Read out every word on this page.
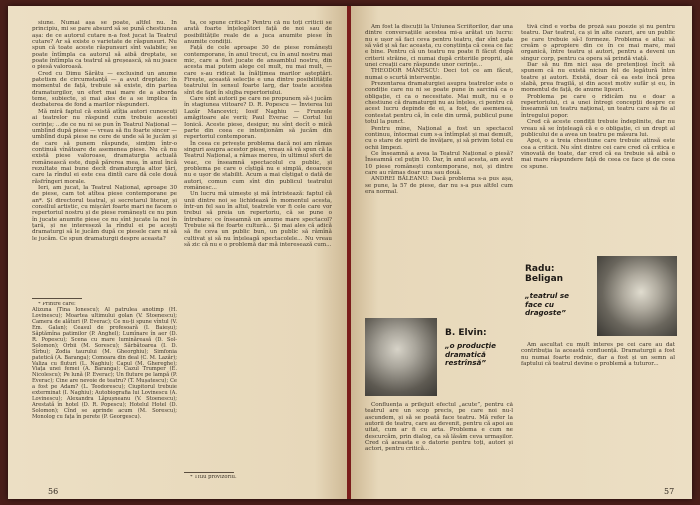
siune. Numai așa se poate, altfel nu. În principiu, mi se pare absurd să se pună chestiunea așa: de ce autorul cutare n-a fost jucat la Teatrul cutare? Ar să existe o varietate de răspunsuri. Nu spun că toate aceste răspunsuri sînt valabile; se poate întîmpla ca autorul să aibă dreptate, se poate întîmpla ca teatrul să greșească, să nu joace o piesă valoroasă.

Cred cu Dimu Sărătu — exclusind un anume patetism de circumstanță — a avut dreptate: în momentul de față, trebuie să existe, din partea dramaturgilor, un efort mai mare de a aborda teme, subiecte, și mai ales de a se implica în dezbaterea de fond a marilor răspunderi.

Mă miră faptul că există atîția autori cunoscuți ai teatrelor nu răspund cum trebuie acestei cerințe; ...de ce nu ni se pun în Teatrul Național — umblînd după piese — vreau să fiu foarte sincer — umblînd după piese ne cere de unde să le jucăm și de care să punem răspunde, simțim într-o continuă vînătoare de asemenea piese. Nu că nu există piese valoroase, dramaturgia actuală românească este, după părerea mea, în anul încă rezultate mai bune decît dramaturgia altor țări, care la rîndul ei este cea dintîi care dă cele două răsfrîngeri morale.

Ieri, am jucat, la Teatrul Național, aproape 30 de piese, cam tot atîtea piese contemporane pe an*. Și directorul teatral, și secretarul literar, și consiliul artistic, cu mișcări foarte mari ne facem o repertoriul nostru și de piese românești ce nu pun în jucate anumite piese ce nu sînt jucate la noi în țară, și ne intereseză la rîndul ei pe acești dramaturgi să le jucăm după ce piesele care ni să le jucăm. Ce spun dramaturgii despre aceasta?

* Printre care:

Alizuna (Tina Ionescu); Al patrulea anotimp (H. Lovinescu); Moartea ultimului golan (V. Stoenescu); Camera de alături (P. Everac); Ce nu-ți spune vîntul (V. Em. Galan); Ceasul de profesoară (I. Baieșu); Săptămîna patimilor (P. Anghel); Lumînare în aer (D. R. Popescu); Scena cu mare luminăreasă (D. Sol-Solomon); Orbii (M. Sorescu); Sărbătoarea (I. D. Sîrbu); Zodia taurului (M. Gheorghiu); Simfonia patetică (A. Baranga); Comoara din deal (C. M. Lazăr); Valiza cu fluturi (L. Naghiu); Capul (M. Ghereghe); Viața unei femei (A. Baranga); Cazul Trumper (E. Nicolescu); Pe lună (P. Everac); Un fluture pe lampă (P. Everac); Cine are nevoie de teatru? (T. Mușatescu); Ce a fost pe Adam? (L. Teodorescu); Ciupitorul trebuie exterminat (I. Naghiu); Autobiografia lui Lovinescu (A. Lovinescu); Alexandra Lăpușneanu (V. Stoenescu); Arestată în hotel (D. R. Popescu); Hotelul Hotel (D. Solomon); Cînd se aprinde acum (M. Sorescu); Monolog cu fața în perete (P. Georgescu).

ta, ce spune critica? Pentru că nu toți criticii se arată foarte înțelegători față de noi sau de posibilitățile reale de a juca anumite piese în anumite condiții.

Față de cele aproape 30 de piese românești contemporane, în anul trecut, cu în anul nostru mai mic, care a fost jucate de ansamblul nostru, din acesta mai putem alege cel mult, nu mai mult, — care s-au ridicat la înălțimea marilor așteptări. Firește, această selecție e una dintre posibilitățile teatrului în sensul foarte larg, dar toate acestea sînt de fapt în slujba repertoriului.

Care sînt autorii pe care ne propunem să-i jucăm în stagiunea viitoare? D. R. Popescu — Învierea lui Lazăr Mancevici; Iosif Naghiu — Frunzele amăgitoare ale verii; Paul Everac — Cortul lui Ionică. Aceste piese, desigur, nu sînt decît o mică parte din ceea ce intenționăm să jucăm din repertoriul contemporan.

În ceea ce privește problema dacă noi am rămas singuri asupra acestor piese, vreau să vă spun că la Teatrul Național, a rămas mereu, în ultimul sfert de veac, ce înseamnă spectacolul cu public, și problema pe care o cîștigă nu e simplă, deoarece nu e ușor de stabilit. Acum a mai cîștigat o dată de autori, comun cum sînt din publicul teatrului românesc...

Un lucru mă uimește și mă întristează: faptul că unii dintre noi se lichidează în momentul acesta, într-un fel sau în altul, teatrele vor fi cele care vor trebui să preia un repertoriu, că se pune o întrebare: ce înseamnă un anume mare spectacol? Trebuie să fie foarte cultură... Și mai ales că adică să fie ceva un public bun, un public să rămînă cultivat și să nu înțeleagă spectacolele... Nu vreau să zic că nu e o problemă dar mă interesează cum...

* Titlu provizoriu.

56

Am fost la discuții la Uniunea Scriitorilor, dar una dintre conversațiile acestea mi-a arătat un lucru: nu e ușor să faci ceva pentru teatru, dar sînt gata să văd și să fac aceasta, cu conștiința că ceea ce fac e bine. Pentru că un teatru nu poate fi făcut după criterii străine, ci numai după criteriile proprii, ale unei creații care răspunde unor cerințe...

THEODOR MĂNESCU: Deci tot ce am făcut, numai o scurtă intervenție.

Prezentarea dramaturgiei asupra teatrelor este o condiție care nu ni se poate pune în sarcină ca o obligație, ci ca o necesitate. Mai mult, nu e o chestiune că dramaturgii nu au înțeles, ci pentru că acest lucru depinde de ei, a fost, de asemenea, contestat pentru că, în cele din urmă, publicul pune totul la punct.

Pentru mine, Național a fost un spectacol continuu, întocmai cum s-a întîmplat și mai demult, cu o stare de spirit de învățare, și să privim totul cu ochii limpezi.

Ce înseamnă a avea la Teatrul Național o piesă? Înseamnă cel puțin 10. Dar, în anul acesta, am avut 10 piese românești contemporane, noi, și dintre care au rămas doar una sau două.

ANDREI BĂLEANU: Dacă problema s-a pus așa, se pune, la 57 de piese, dar nu s-a pus altfel cum era normal.

B. Elvin:
„o producție dramatică restrînsă”

Confluența a prilejuit efectul „acute”, pentru că teatrul are un scop precis, pe care noi nu-l ascundem, și să se poată face teatru. Mă refer la autorii de teatru, care au devenit, pentru că apoi au uitat, cum ar fi cu arta. Problema e cum ne descurcăm, prin dialog, ca să lăsăm ceva urmașilor. Cred că aceasta e o datorie pentru toți, autori și actori, pentru critică...

tivă cînd e vorba de proză sau poezie și nu pentru teatru. Dar teatrul, ca și în alte cazuri, are un public pe care trebuie să-l formeze. Problema e alta: să creăm o apropiere din ce în ce mai mare, mai organică, între teatru și autori, pentru a deveni un singur corp, pentru ca opera să prindă viață.

Dar să nu fim nici așa de pretențioși încît să spunem că nu există niciun fel de legătură între teatre și autori. Există, doar că ea este încă prea slabă, prea fragilă, și din acest motiv sufăr și eu, în momentul de față, de anume lipsuri.

Problema pe care o ridicăm nu e doar a repertoriului, ci a unei întregi concepții despre ce înseamnă un teatru național, un teatru care să fie al întregului popor.

Cred că aceste condiții trebuie îndeplinite, dar nu vreau să se înțeleagă că e o obligație, ci un drept al publicului de a avea un teatru pe măsura lui.

Apoi, o a treia chestiune care trebuie atinsă este cea a criticii. Nu sînt dintre cei care cred că critica e vinovată de toate, dar cred că ea trebuie să aibă o mai mare răspundere față de ceea ce face și de ceea ce spune.

Radu:
Beligan
„teatrul se face cu dragoste”

Am ascultat cu mult interes pe cei care au dat contribuția la această confluență. Dramaturgii a fost nu numai foarte rodnic, dar a fost și un semn al faptului că teatrul devine o problemă a tuturor...

57
